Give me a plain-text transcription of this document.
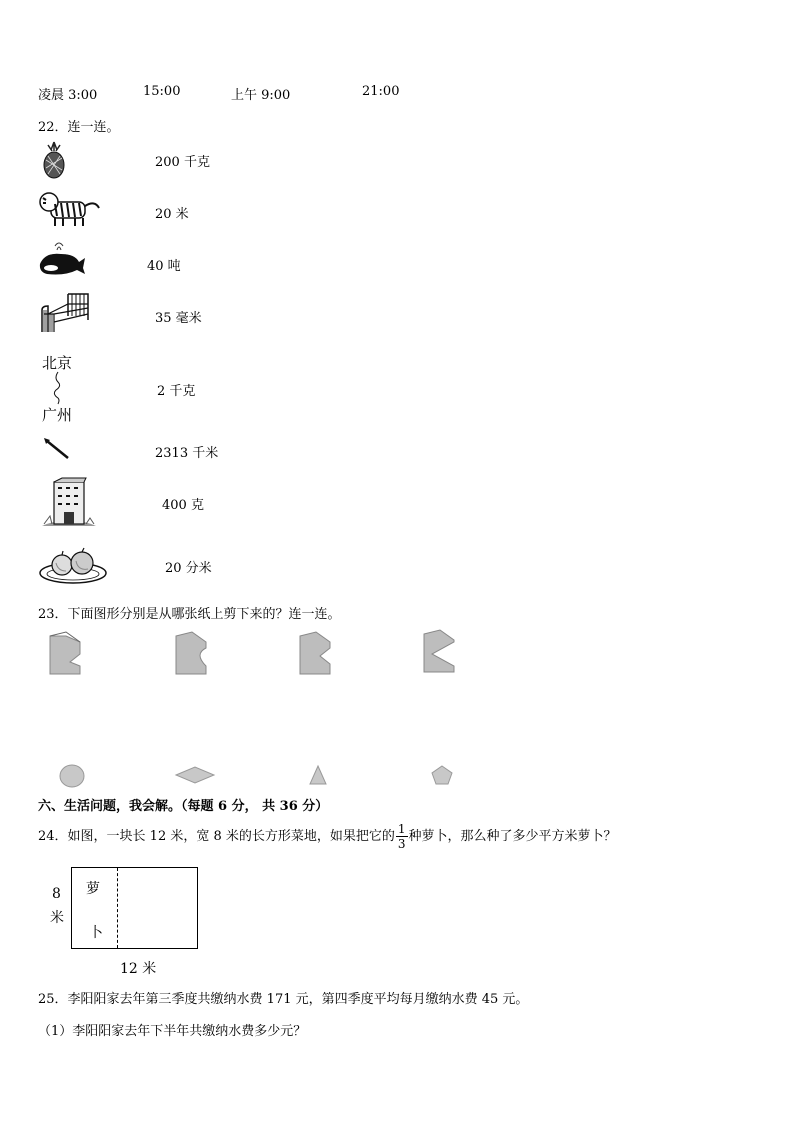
凌晨 3:00	15:00	上午 9:00	21:00
22．连一连。
200 千克
20 米
40 吨
35 毫米
北京
广州
2 千克
2313 千米
400 克
20 分米
23．下面图形分别是从哪张纸上剪下来的？连一连。
六、生活问题，我会解。（每题 6 分， 共 36 分）
24．如图，一块长 12 米，宽 8 米的长方形菜地，如果把它的 $\frac{1}{3}$ 种萝卜，那么种了多少平方米萝卜？
萝
卜
8
米
12 米
25．李阳阳家去年第三季度共缴纳水费 171 元，第四季度平均每月缴纳水费 45 元。
（1）李阳阳家去年下半年共缴纳水费多少元？
